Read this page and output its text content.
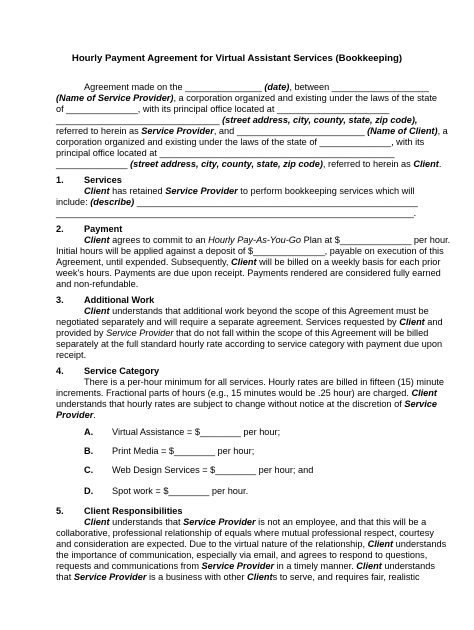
Hourly Payment Agreement for Virtual Assistant Services (Bookkeeping)
Agreement made on the _______________ (date), between ___________________
(Name of Service Provider), a corporation organized and existing under the laws of the state
of ______________, with its principal office located at ______________________
________________________________ (street address, city, county, state, zip code),
referred to herein as Service Provider, and _________________________ (Name of Client), a
corporation organized and existing under the laws of the state of ______________, with its
principal office located at ______________________________________________
______________ (street address, city, county, state, zip code), referred to herein as Client.
1. Services
Client has retained Service Provider to perform bookkeeping services which will
include: (describe) _______________________________________________________
______________________________________________________________________.
2. Payment
Client agrees to commit to an Hourly Pay-As-You-Go Plan at $______________ per hour.
Initial hours will be applied against a deposit of $______________, payable on execution of this
Agreement, until expended. Subsequently, Client will be billed on a weekly basis for each prior
week's hours. Payments are due upon receipt. Payments rendered are considered fully earned
and non-refundable.
3. Additional Work
Client understands that additional work beyond the scope of this Agreement must be
negotiated separately and will require a separate agreement. Services requested by Client and
provided by Service Provider that do not fall within the scope of this Agreement will be billed
separately at the full standard hourly rate according to service category with payment due upon
receipt.
4. Service Category
There is a per-hour minimum for all services. Hourly rates are billed in fifteen (15) minute
increments. Fractional parts of hours (e.g., 15 minutes would be .25 hour) are charged. Client
understands that hourly rates are subject to change without notice at the discretion of Service
Provider.
A. Virtual Assistance = $________ per hour;
B. Print Media = $________ per hour;
C. Web Design Services = $________ per hour; and
D. Spot work = $________ per hour.
5. Client Responsibilities
Client understands that Service Provider is not an employee, and that this will be a
collaborative, professional relationship of equals where mutual professional respect, courtesy
and consideration are expected. Due to the virtual nature of the relationship, Client understands
the importance of communication, especially via email, and agrees to respond to questions,
requests and communications from Service Provider in a timely manner. Client understands
that Service Provider is a business with other Clients to serve, and requires fair, realistic
